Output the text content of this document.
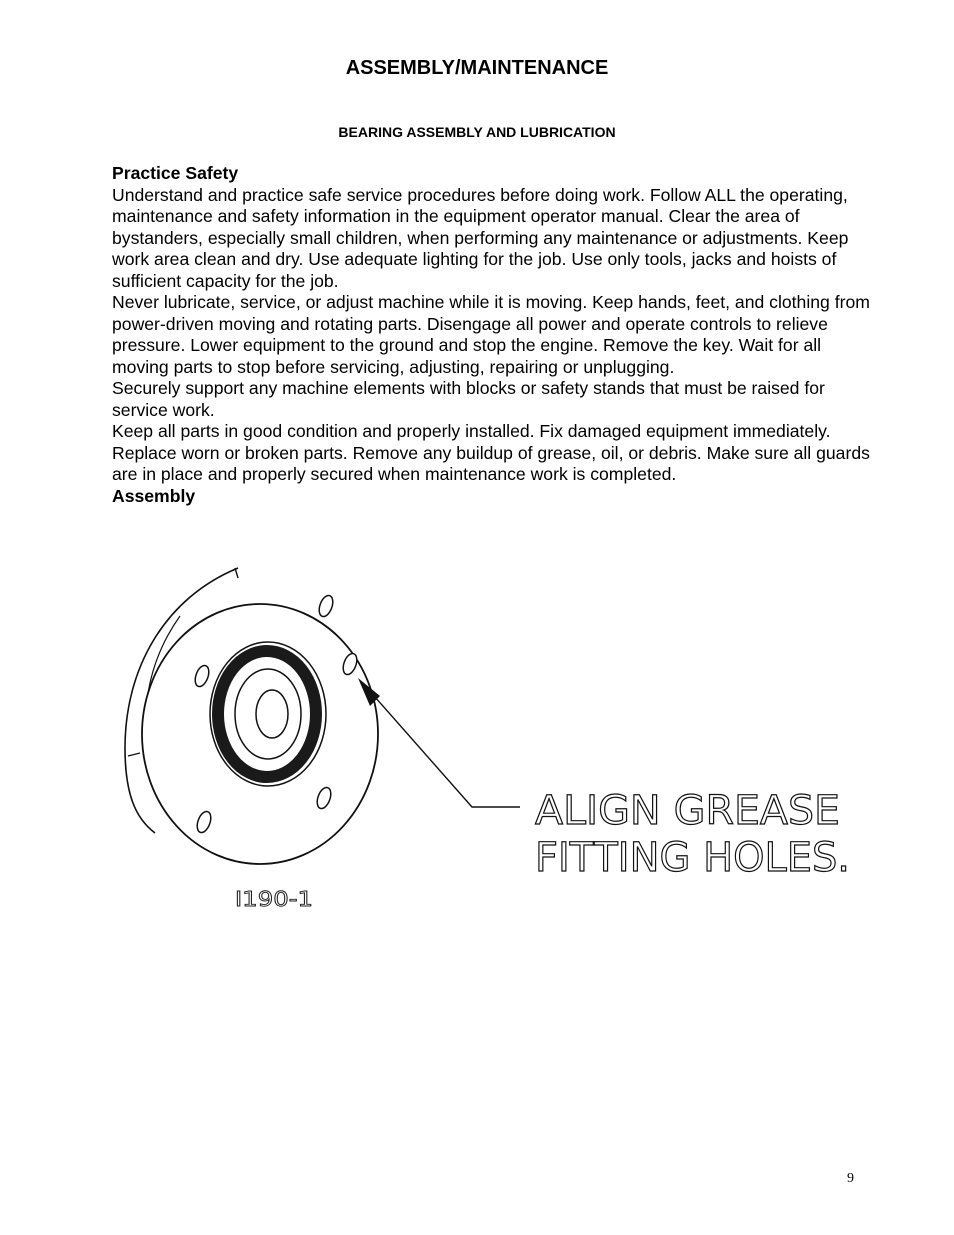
ASSEMBLY/MAINTENANCE
BEARING ASSEMBLY AND LUBRICATION

Practice Safety

Understand and practice safe service procedures before doing work. Follow ALL the operating, maintenance and safety information in the equipment operator manual. Clear the area of bystanders, especially small children, when performing any maintenance or adjustments. Keep work area clean and dry. Use adequate lighting for the job. Use only tools, jacks and hoists of sufficient capacity for the job.

Never lubricate, service, or adjust machine while it is moving. Keep hands, feet, and clothing from power-driven moving and rotating parts. Disengage all power and operate controls to relieve pressure. Lower equipment to the ground and stop the engine. Remove the key. Wait for all moving parts to stop before servicing, adjusting, repairing or unplugging.

Securely support any machine elements with blocks or safety stands that must be raised for service work.

Keep all parts in good condition and properly installed. Fix damaged equipment immediately. Replace worn or broken parts. Remove any buildup of grease, oil, or debris. Make sure all guards are in place and properly secured when maintenance work is completed.

Assembly

ALIGN GREASE
FITTING HOLES.
I190-1
9
